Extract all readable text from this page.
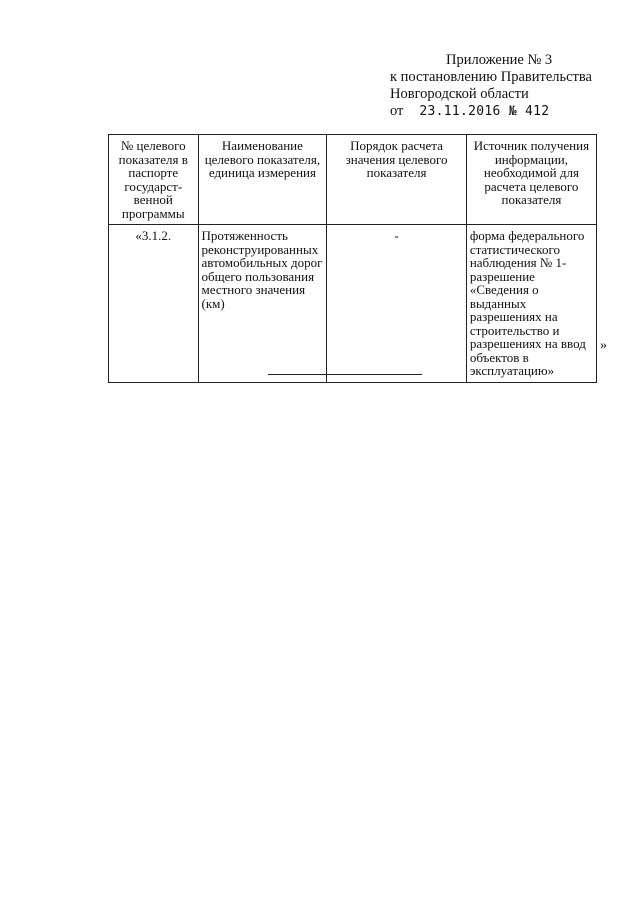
Приложение № 3
к постановлению Правительства
Новгородской области
от 23.11.2016 № 412
№ целевого показателя в паспорте государст-венной программы	Наименование целевого показателя, единица измерения	Порядок расчета значения целевого показателя	Источник получения информации, необходимой для расчета целевого показателя
«3.1.2.	Протяженность реконструированных автомобильных дорог общего пользования местного значения (км)	-	форма федерального статистического наблюдения № 1-разрешение «Сведения о выданных разрешениях на строительство и разрешениях на ввод объектов в эксплуатацию»
»
